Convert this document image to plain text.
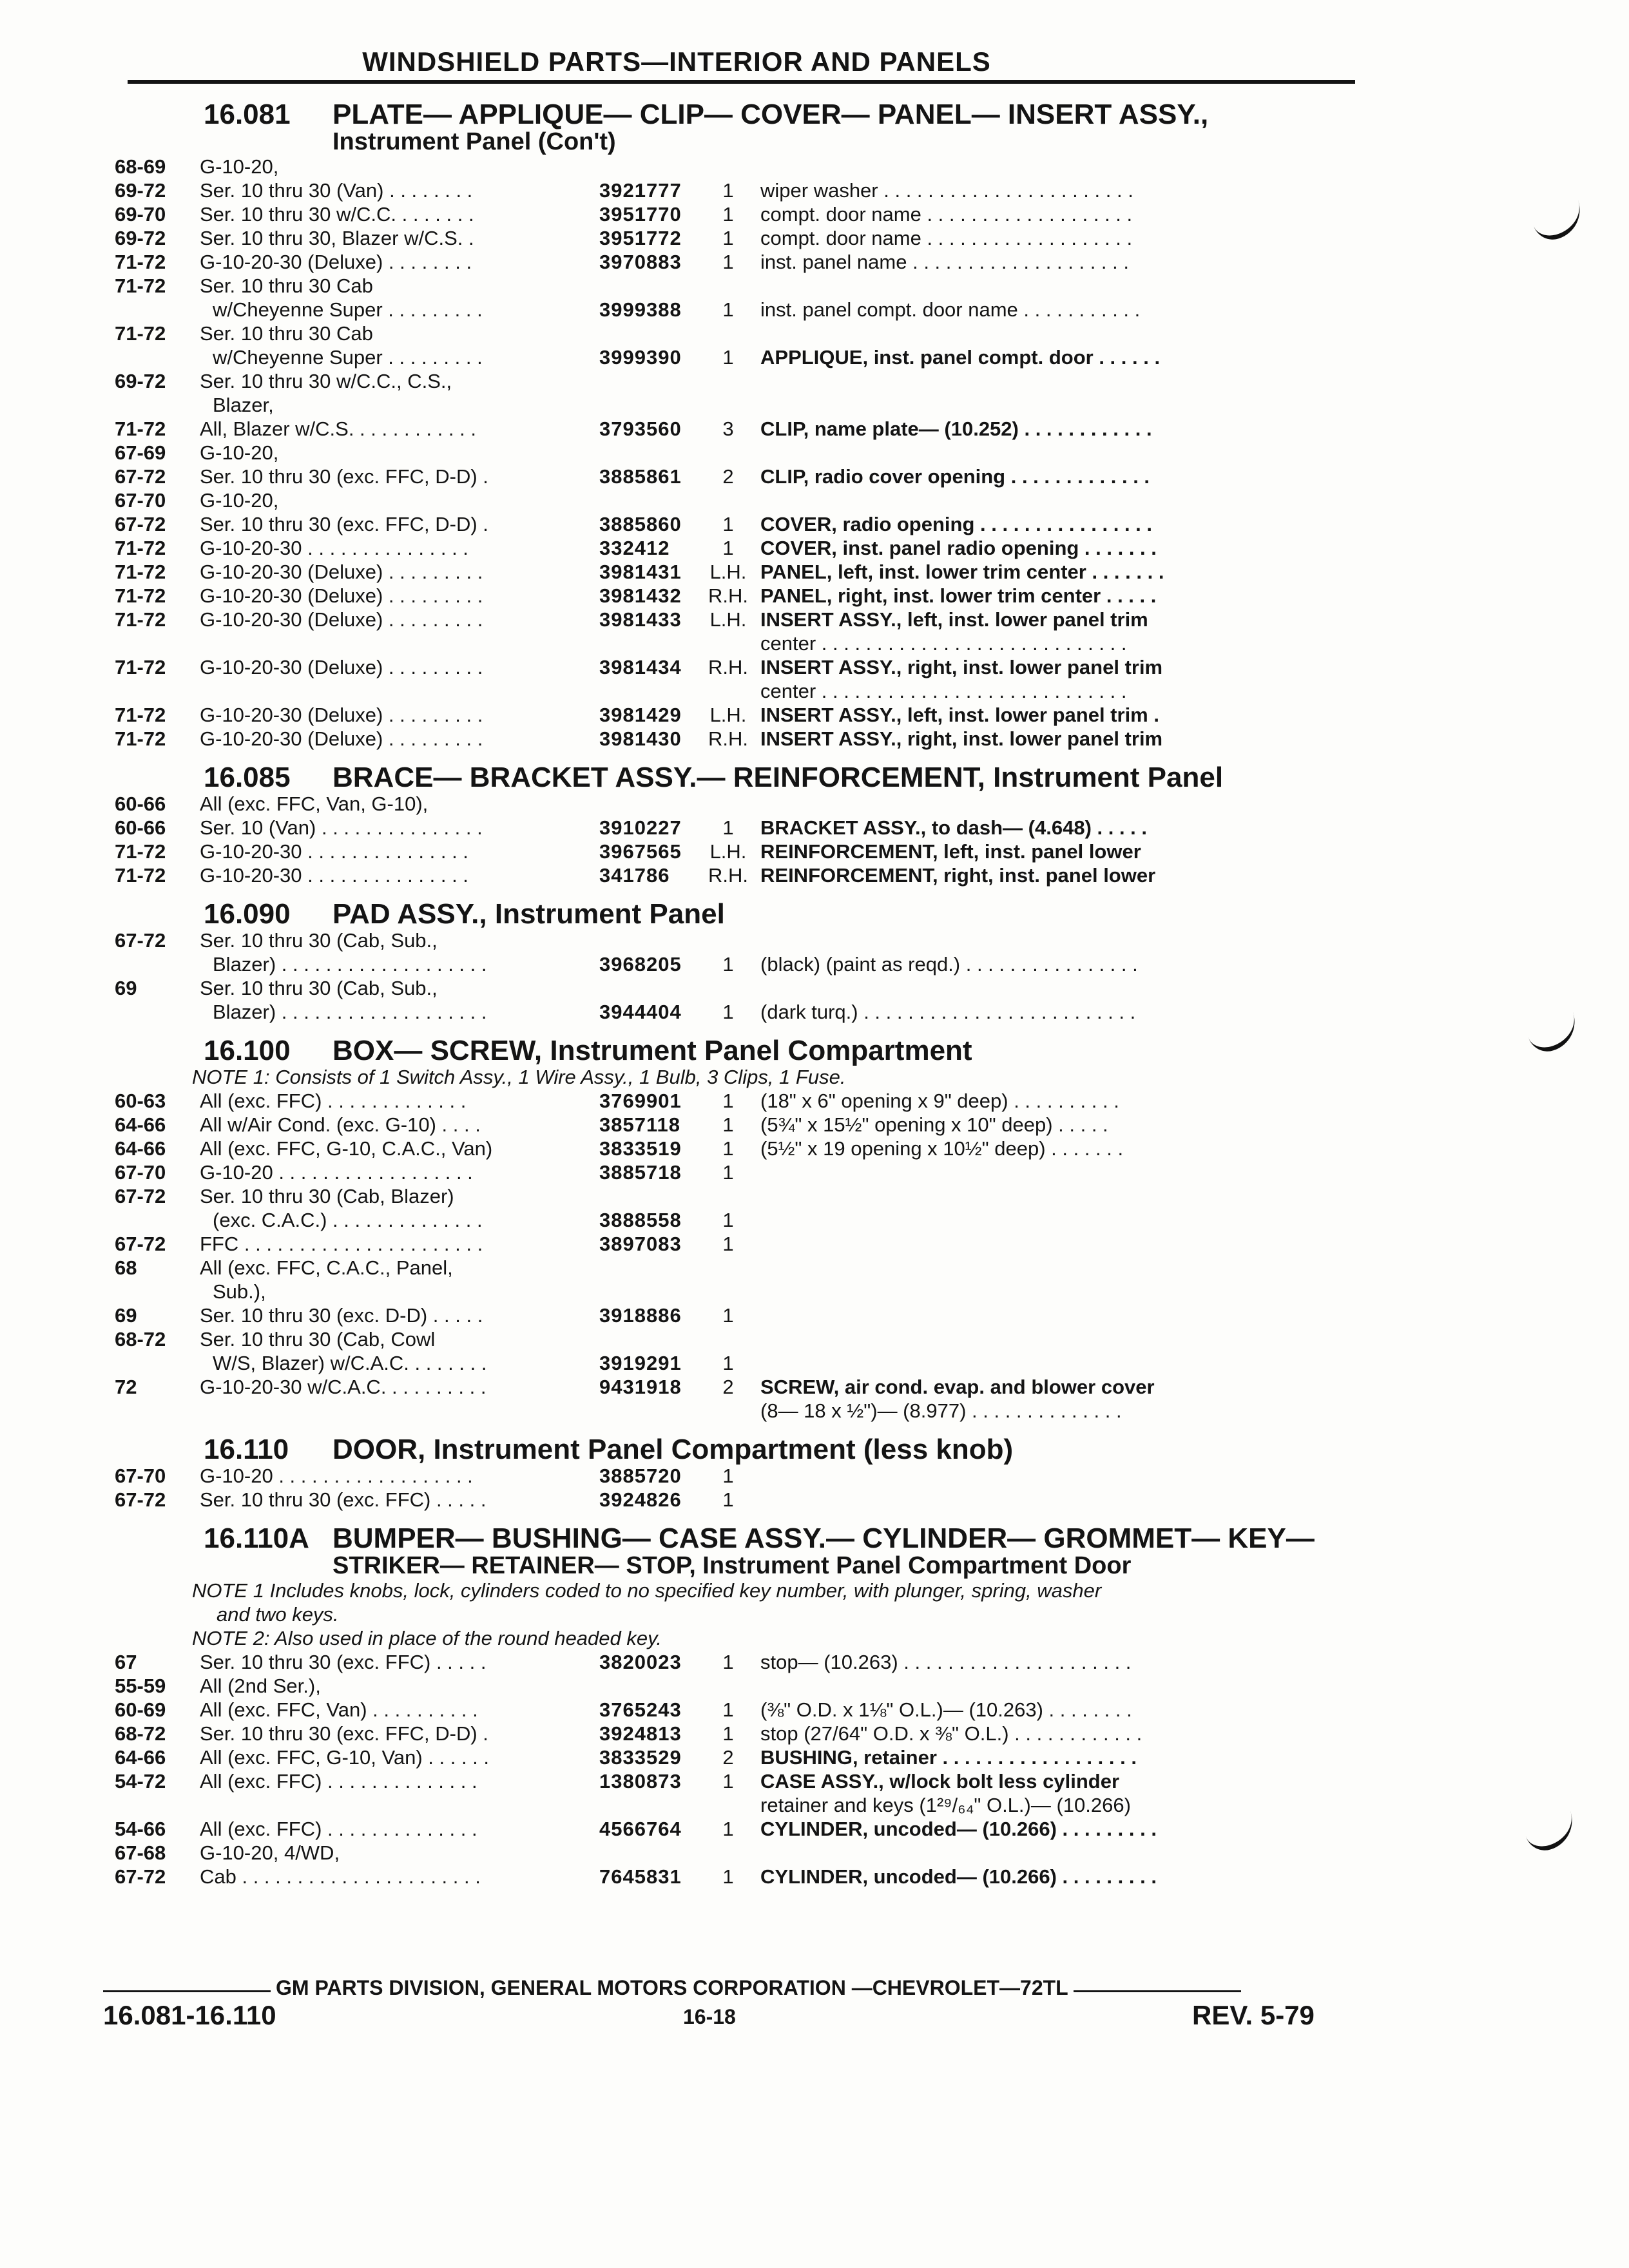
WINDSHIELD PARTS—INTERIOR AND PANELS
16.081 PLATE— APPLIQUE— CLIP— COVER— PANEL— INSERT ASSY.,
Instrument Panel (Con't)
68-69	G-10-20,
69-72	Ser. 10 thru 30 (Van) . . . . . . . .	3921777	1	wiper washer . . . . . . . . . . . . . . . . . . . . . . .
69-70	Ser. 10 thru 30 w/C.C. . . . . . . .	3951770	1	compt. door name . . . . . . . . . . . . . . . . . . .
69-72	Ser. 10 thru 30, Blazer w/C.S. .	3951772	1	compt. door name . . . . . . . . . . . . . . . . . . .
71-72	G-10-20-30 (Deluxe) . . . . . . . .	3970883	1	inst. panel name . . . . . . . . . . . . . . . . . . . .
71-72	Ser. 10 thru 30 Cab
w/Cheyenne Super . . . . . . . . .	3999388	1	inst. panel compt. door name . . . . . . . . . . .
71-72	Ser. 10 thru 30 Cab
w/Cheyenne Super . . . . . . . . .	3999390	1	APPLIQUE, inst. panel compt. door . . . . . .
69-72	Ser. 10 thru 30 w/C.C., C.S.,
Blazer,
71-72	All, Blazer w/C.S. . . . . . . . . . . .	3793560	3	CLIP, name plate— (10.252) . . . . . . . . . . . .
67-69	G-10-20,
67-72	Ser. 10 thru 30 (exc. FFC, D-D) .	3885861	2	CLIP, radio cover opening . . . . . . . . . . . . .
67-70	G-10-20,
67-72	Ser. 10 thru 30 (exc. FFC, D-D) .	3885860	1	COVER, radio opening . . . . . . . . . . . . . . . .
71-72	G-10-20-30 . . . . . . . . . . . . . . .	332412	1	COVER, inst. panel radio opening . . . . . . .
71-72	G-10-20-30 (Deluxe) . . . . . . . . .	3981431	L.H. PANEL, left, inst. lower trim center . . . . . . .
71-72	G-10-20-30 (Deluxe) . . . . . . . . .	3981432	R.H. PANEL, right, inst. lower trim center . . . . .
71-72	G-10-20-30 (Deluxe) . . . . . . . . .	3981433	L.H. INSERT ASSY., left, inst. lower panel trim
center . . . . . . . . . . . . . . . . . . . . . . . . . . . .
71-72	G-10-20-30 (Deluxe) . . . . . . . . .	3981434	R.H. INSERT ASSY., right, inst. lower panel trim
center . . . . . . . . . . . . . . . . . . . . . . . . . . . .
71-72	G-10-20-30 (Deluxe) . . . . . . . . .	3981429	L.H. INSERT ASSY., left, inst. lower panel trim .
71-72	G-10-20-30 (Deluxe) . . . . . . . . .	3981430	R.H. INSERT ASSY., right, inst. lower panel trim
16.085 BRACE— BRACKET ASSY.— REINFORCEMENT, Instrument Panel
60-66	All (exc. FFC, Van, G-10),
60-66	Ser. 10 (Van) . . . . . . . . . . . . . . .	3910227	1	BRACKET ASSY., to dash— (4.648) . . . . .
71-72	G-10-20-30 . . . . . . . . . . . . . . .	3967565	L.H. REINFORCEMENT, left, inst. panel lower
71-72	G-10-20-30 . . . . . . . . . . . . . . .	341786	R.H. REINFORCEMENT, right, inst. panel lower
16.090 PAD ASSY., Instrument Panel
67-72	Ser. 10 thru 30 (Cab, Sub.,
Blazer) . . . . . . . . . . . . . . . . . . .	3968205	1	(black) (paint as reqd.) . . . . . . . . . . . . . . . .
69	Ser. 10 thru 30 (Cab, Sub.,
Blazer) . . . . . . . . . . . . . . . . . . .	3944404	1	(dark turq.) . . . . . . . . . . . . . . . . . . . . . . . . .
16.100 BOX— SCREW, Instrument Panel Compartment
NOTE 1: Consists of 1 Switch Assy., 1 Wire Assy., 1 Bulb, 3 Clips, 1 Fuse.
60-63	All (exc. FFC) . . . . . . . . . . . . .	3769901	1	(18" x 6" opening x 9" deep) . . . . . . . . . .
64-66	All w/Air Cond. (exc. G-10) . . . .	3857118	1	(5¾" x 15½" opening x 10" deep) . . . . .
64-66	All (exc. FFC, G-10, C.A.C., Van)	3833519	1	(5½" x 19 opening x 10½" deep) . . . . . . .
67-70	G-10-20 . . . . . . . . . . . . . . . . . .	3885718	1
67-72	Ser. 10 thru 30 (Cab, Blazer)
(exc. C.A.C.) . . . . . . . . . . . . . .	3888558	1
67-72	FFC . . . . . . . . . . . . . . . . . . . . . .	3897083	1
68	All (exc. FFC, C.A.C., Panel,
Sub.),
69	Ser. 10 thru 30 (exc. D-D) . . . . .	3918886	1
68-72	Ser. 10 thru 30 (Cab, Cowl
W/S, Blazer) w/C.A.C. . . . . . . .	3919291	1
72	G-10-20-30 w/C.A.C. . . . . . . . . .	9431918	2	SCREW, air cond. evap. and blower cover
(8— 18 x ½")— (8.977) . . . . . . . . . . . . . .
16.110 DOOR, Instrument Panel Compartment (less knob)
67-70	G-10-20 . . . . . . . . . . . . . . . . . .	3885720	1
67-72	Ser. 10 thru 30 (exc. FFC) . . . . .	3924826	1
16.110A BUMPER— BUSHING— CASE ASSY.— CYLINDER— GROMMET— KEY—
STRIKER— RETAINER— STOP, Instrument Panel Compartment Door
NOTE 1 Includes knobs, lock, cylinders coded to no specified key number, with plunger, spring, washer
and two keys.
NOTE 2: Also used in place of the round headed key.
67	Ser. 10 thru 30 (exc. FFC) . . . . .	3820023	1	stop— (10.263) . . . . . . . . . . . . . . . . . . . . .
55-59	All (2nd Ser.),
60-69	All (exc. FFC, Van) . . . . . . . . . .	3765243	1	(⅜" O.D. x 1⅛" O.L.)— (10.263) . . . . . . . .
68-72	Ser. 10 thru 30 (exc. FFC, D-D) .	3924813	1	stop (27/64" O.D. x ⅜" O.L.) . . . . . . . . . . . .
64-66	All (exc. FFC, G-10, Van) . . . . . .	3833529	2	BUSHING, retainer . . . . . . . . . . . . . . . . . .
54-72	All (exc. FFC) . . . . . . . . . . . . . .	1380873	1	CASE ASSY., w/lock bolt less cylinder
retainer and keys (1²⁹/₆₄" O.L.)— (10.266)
54-66	All (exc. FFC) . . . . . . . . . . . . . .	4566764	1	CYLINDER, uncoded— (10.266) . . . . . . . . .
67-68	G-10-20, 4/WD,
67-72	Cab . . . . . . . . . . . . . . . . . . . . . .	7645831	1	CYLINDER, uncoded— (10.266) . . . . . . . . .
GM PARTS DIVISION, GENERAL MOTORS CORPORATION —CHEVROLET—72TL
16.081-16.110	16-18	REV. 5-79
